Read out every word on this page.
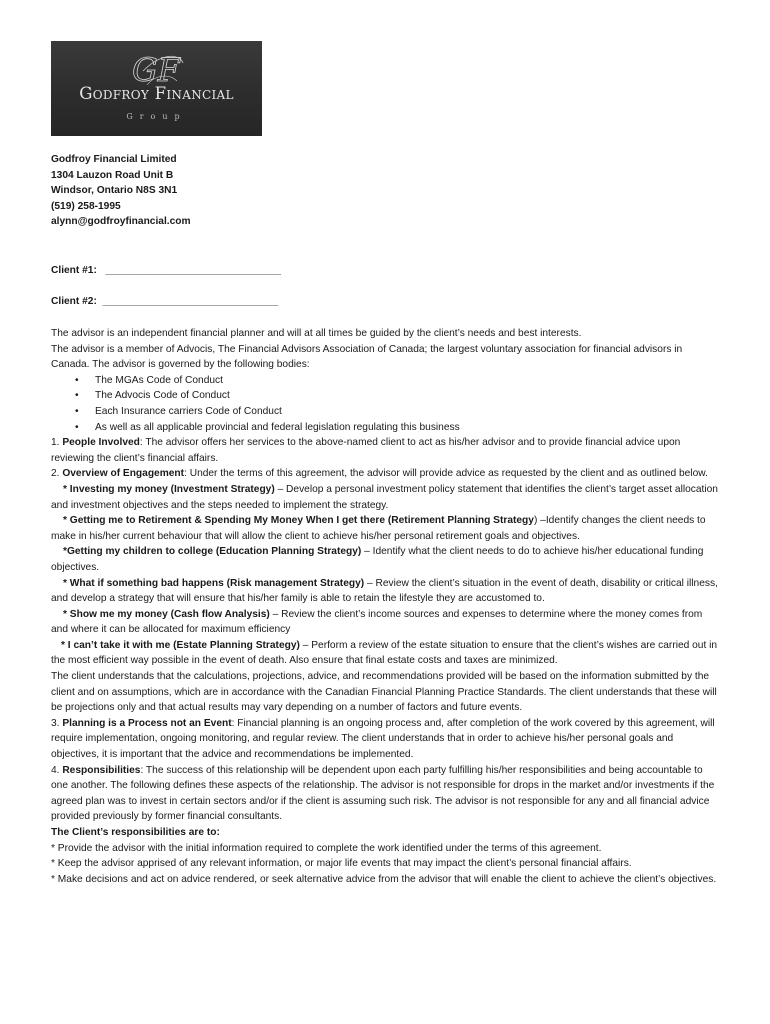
GF
Godfroy Financial
Group
Godfroy Financial Limited
1304 Lauzon Road Unit B
Windsor, Ontario N8S 3N1
(519) 258-1995
alynn@godfroyfinancial.com
Client #1:   _______________________________
Client #2:  _______________________________

The advisor is an independent financial planner and will at all times be guided by the client’s needs and best interests.

The advisor is a member of Advocis, The Financial Advisors Association of Canada; the largest voluntary association for financial advisors in Canada. The advisor is governed by the following bodies:

• The MGAs Code of Conduct
• The Advocis Code of Conduct
• Each Insurance carriers Code of Conduct
• As well as all applicable provincial and federal legislation regulating this business

1. People Involved: The advisor offers her services to the above-named client to act as his/her advisor and to provide financial advice upon reviewing the client’s financial affairs.

2. Overview of Engagement: Under the terms of this agreement, the advisor will provide advice as requested by the client and as outlined below.

* Investing my money (Investment Strategy) – Develop a personal investment policy statement that identifies the client’s target asset allocation and investment objectives and the steps needed to implement the strategy.

* Getting me to Retirement & Spending My Money When I get there (Retirement Planning Strategy) –Identify changes the client needs to make in his/her current behaviour that will allow the client to achieve his/her personal retirement goals and objectives.

*Getting my children to college (Education Planning Strategy) – Identify what the client needs to do to achieve his/her educational funding objectives.

* What if something bad happens (Risk management Strategy) – Review the client’s situation in the event of death, disability or critical illness, and develop a strategy that will ensure that his/her family is able to retain the lifestyle they are accustomed to.

* Show me my money (Cash flow Analysis) – Review the client’s income sources and expenses to determine where the money comes from and where it can be allocated for maximum efficiency

* I can’t take it with me (Estate Planning Strategy) – Perform a review of the estate situation to ensure that the client’s wishes are carried out in the most efficient way possible in the event of death. Also ensure that final estate costs and taxes are minimized.

The client understands that the calculations, projections, advice, and recommendations provided will be based on the information submitted by the client and on assumptions, which are in accordance with the Canadian Financial Planning Practice Standards. The client understands that these will be projections only and that actual results may vary depending on a number of factors and future events.

3. Planning is a Process not an Event: Financial planning is an ongoing process and, after completion of the work covered by this agreement, will require implementation, ongoing monitoring, and regular review. The client understands that in order to achieve his/her personal goals and objectives, it is important that the advice and recommendations be implemented.

4. Responsibilities: The success of this relationship will be dependent upon each party fulfilling his/her responsibilities and being accountable to one another. The following defines these aspects of the relationship. The advisor is not responsible for drops in the market and/or investments if the agreed plan was to invest in certain sectors and/or if the client is assuming such risk. The advisor is not responsible for any and all financial advice provided previously by former financial consultants.

The Client’s responsibilities are to:

* Provide the advisor with the initial information required to complete the work identified under the terms of this agreement.

* Keep the advisor apprised of any relevant information, or major life events that may impact the client’s personal financial affairs.

* Make decisions and act on advice rendered, or seek alternative advice from the advisor that will enable the client to achieve the client’s objectives.
